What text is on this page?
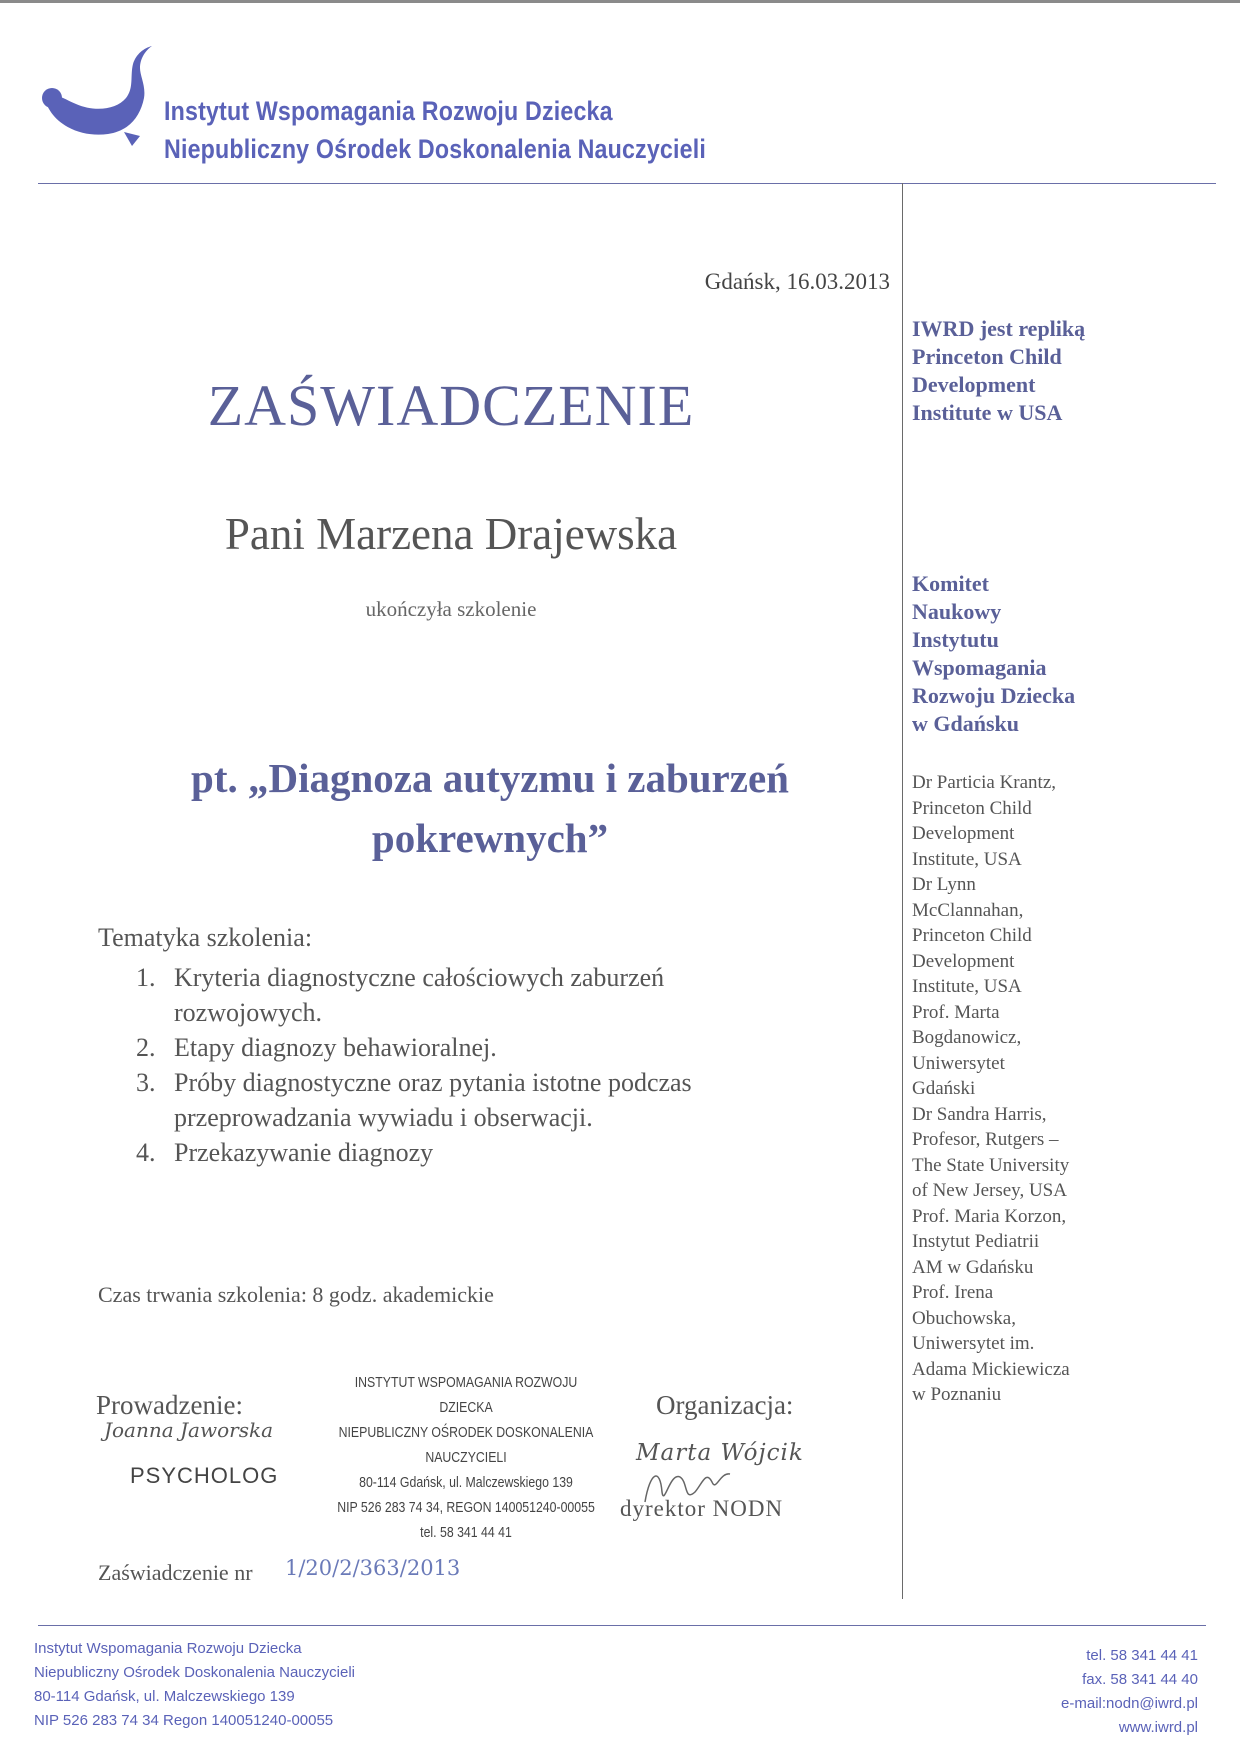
Instytut Wspomagania Rozwoju Dziecka
Niepubliczny Ośrodek Doskonalenia Nauczycieli
Gdańsk, 16.03.2013
ZAŚWIADCZENIE
Pani Marzena Drajewska
ukończyła szkolenie
pt. „Diagnoza autyzmu i zaburzeń
pokrewnych”
Tematyka szkolenia:
1. Kryteria diagnostyczne całościowych zaburzeń
rozwojowych.
2. Etapy diagnozy behawioralnej.
3. Próby diagnostyczne oraz pytania istotne podczas
przeprowadzania wywiadu i obserwacji.
4. Przekazywanie diagnozy
Czas trwania szkolenia: 8 godz. akademickie
Prowadzenie:
Joanna Jaworska
PSYCHOLOG
INSTYTUT WSPOMAGANIA ROZWOJU DZIECKA
NIEPUBLICZNY OŚRODEK DOSKONALENIA NAUCZYCIELI
80-114 Gdańsk, ul. Malczewskiego 139
NIP 526 283 74 34, REGON 140051240-00055
tel. 58 341 44 41
Organizacja:
Marta Wójcik
dyrektor NODN
Zaświadczenie nr 1/20/2/363/2013
IWRD jest repliką
Princeton Child
Development
Institute w USA
Komitet
Naukowy
Instytutu
Wspomagania
Rozwoju Dziecka
w Gdańsku
Dr Particia Krantz,
Princeton Child
Development
Institute, USA
Dr Lynn
McClannahan,
Princeton Child
Development
Institute, USA
Prof. Marta
Bogdanowicz,
Uniwersytet
Gdański
Dr Sandra Harris,
Profesor, Rutgers –
The State University
of New Jersey, USA
Prof. Maria Korzon,
Instytut Pediatrii
AM w Gdańsku
Prof. Irena
Obuchowska,
Uniwersytet im.
Adama Mickiewicza
w Poznaniu
Instytut Wspomagania Rozwoju Dziecka
Niepubliczny Ośrodek Doskonalenia Nauczycieli
80-114 Gdańsk, ul. Malczewskiego 139
NIP 526 283 74 34 Regon 140051240-00055
tel. 58 341 44 41
fax. 58 341 44 40
e-mail:nodn@iwrd.pl
www.iwrd.pl
